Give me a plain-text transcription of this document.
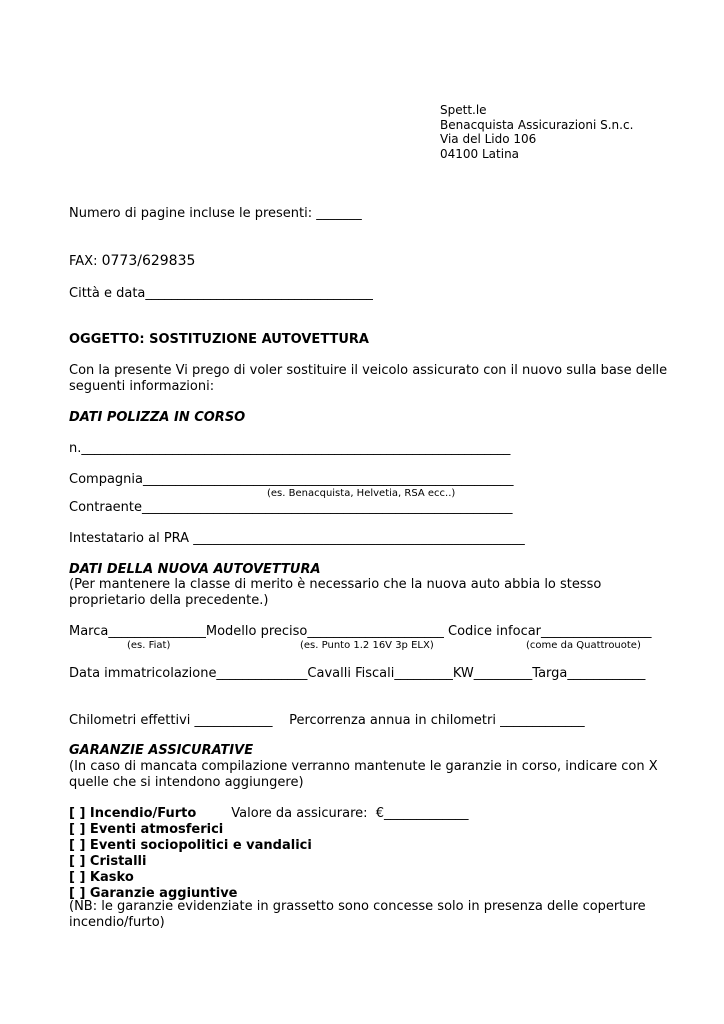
Spett.le
Benacquista Assicurazioni S.n.c.
Via del Lido 106
04100 Latina
Numero di pagine incluse le presenti: _______
FAX: 0773/629835
Città e data___________________________________
OGGETTO: SOSTITUZIONE AUTOVETTURA
Con la presente Vi prego di voler sostituire il veicolo assicurato con il nuovo sulla base delle seguenti informazioni:
DATI POLIZZA IN CORSO
n.__________________________________________________________________
Compagnia_________________________________________________________
(es. Benacquista, Helvetia, RSA ecc..)
Contraente_________________________________________________________
Intestatario al PRA ___________________________________________________
DATI DELLA NUOVA AUTOVETTURA
(Per mantenere la classe di merito è necessario che la nuova auto abbia lo stesso proprietario della precedente.)
Marca_______________Modello preciso_____________________ Codice infocar_________________
(es. Fiat)	(es. Punto 1.2 16V 3p ELX)	(come da Quattrouote)
Data immatricolazione______________Cavalli Fiscali_________KW_________Targa____________
Chilometri effettivi ____________    Percorrenza annua in chilometri _____________
GARANZIE ASSICURATIVE
(In caso di mancata compilazione verranno mantenute le garanzie in corso, indicare con X quelle che si intendono aggiungere)
[ ] Incendio/Furto	Valore da assicurare:  €_____________
[ ] Eventi atmosferici
[ ] Eventi sociopolitici e vandalici
[ ] Cristalli
[ ] Kasko
[ ] Garanzie aggiuntive
(NB: le garanzie evidenziate in grassetto sono concesse solo in presenza delle coperture incendio/furto)
